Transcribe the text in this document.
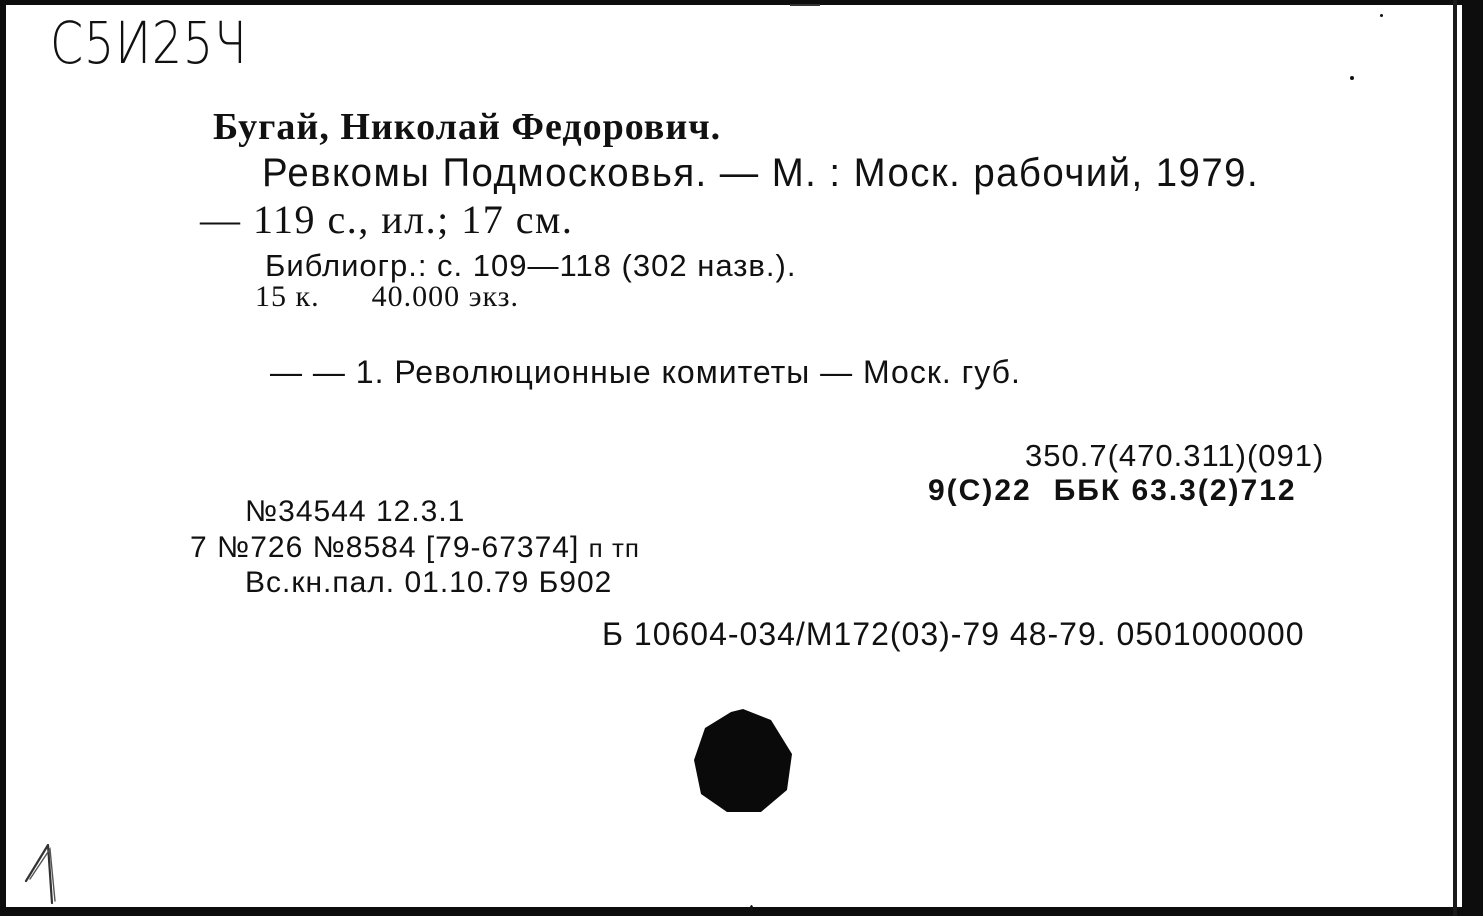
С5И25Ч
Бугай, Николай Федорович.
Ревкомы Подмосковья. — М. : Моск. рабочий, 1979.
— 119 с., ил.; 17 см.
Библиогр.: с. 109—118 (302 назв.).
15 к. 40.000 экз.
— — 1. Революционные комитеты — Моск. губ.
350.7(470.311)(091)
9(С)22 ББК 63.3(2)712
№34544 12.3.1
7 №726 №8584 [79-67374] п тп
Вс.кн.пал. 01.10.79 Б902
Б 10604-034/М172(03)-79 48-79. 0501000000
